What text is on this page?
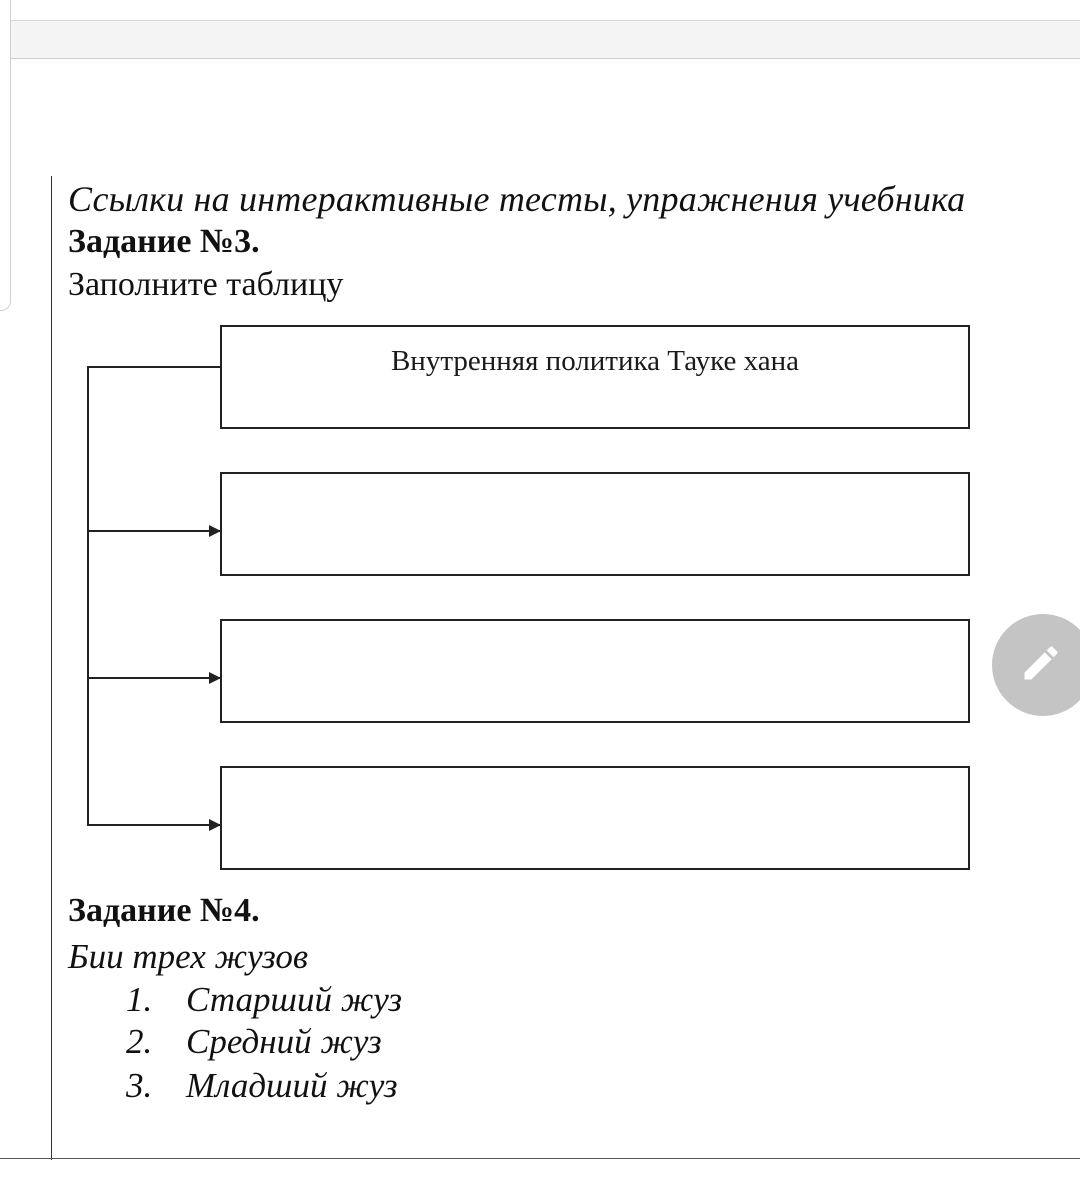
Ссылки на интерактивные тесты, упражнения учебника
Задание №3.
Заполните таблицу
Внутренняя политика Тауке хана
Задание №4.
Бии трех жузов
1. Старший жуз
2. Средний жуз
3. Младший жуз
